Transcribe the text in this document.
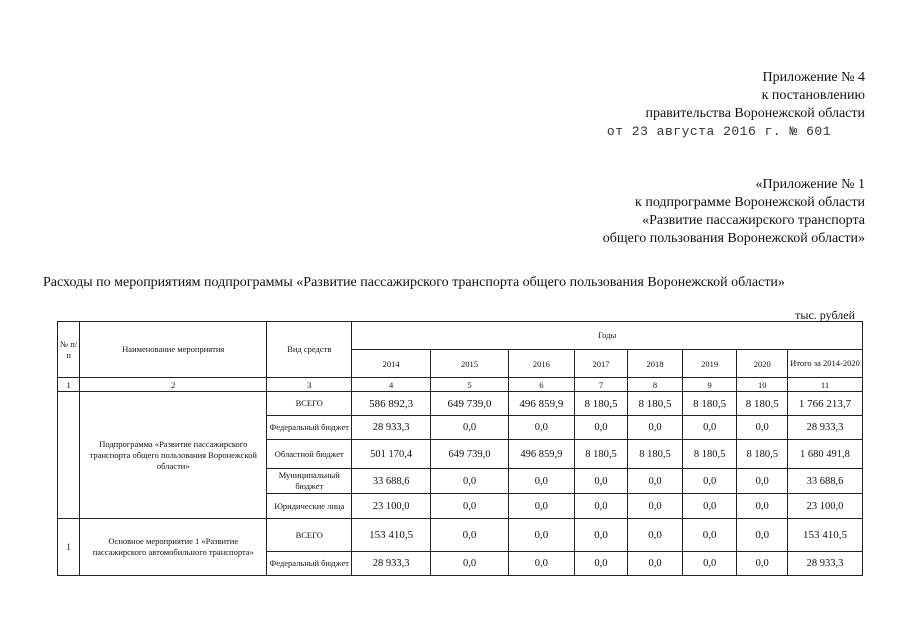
Приложение № 4
к постановлению
правительства Воронежской области
от 23 августа 2016 г. № 601
«Приложение № 1
к подпрограмме Воронежской области
«Развитие пассажирского транспорта
общего пользования Воронежской области»
Расходы по мероприятиям подпрограммы «Развитие пассажирского транспорта общего пользования Воронежской области»
тыс. рублей
№ п/п	Наименование мероприятия	Вид средств	Годы							
			2014	2015	2016	2017	2018	2019	2020	Итого за 2014-2020
1	2	3	4	5	6	7	8	9	10	11
	Подпрограмма «Развитие пассажирского транспорта общего пользования Воронежской области»	ВСЕГО	586 892,3	649 739,0	496 859,9	8 180,5	8 180,5	8 180,5	8 180,5	1 766 213,7
		Федеральный бюджет	28 933,3	0,0	0,0	0,0	0,0	0,0	0,0	28 933,3
		Областной бюджет	501 170,4	649 739,0	496 859,9	8 180,5	8 180,5	8 180,5	8 180,5	1 680 491,8
		Муниципальный бюджет	33 688,6	0,0	0,0	0,0	0,0	0,0	0,0	33 688,6
		Юридические лица	23 100,0	0,0	0,0	0,0	0,0	0,0	0,0	23 100,0
1	Основное мероприятие 1 «Развитие пассажирского автомобильного транспорта»	ВСЕГО	153 410,5	0,0	0,0	0,0	0,0	0,0	0,0	153 410,5
		Федеральный бюджет	28 933,3	0,0	0,0	0,0	0,0	0,0	0,0	28 933,3
